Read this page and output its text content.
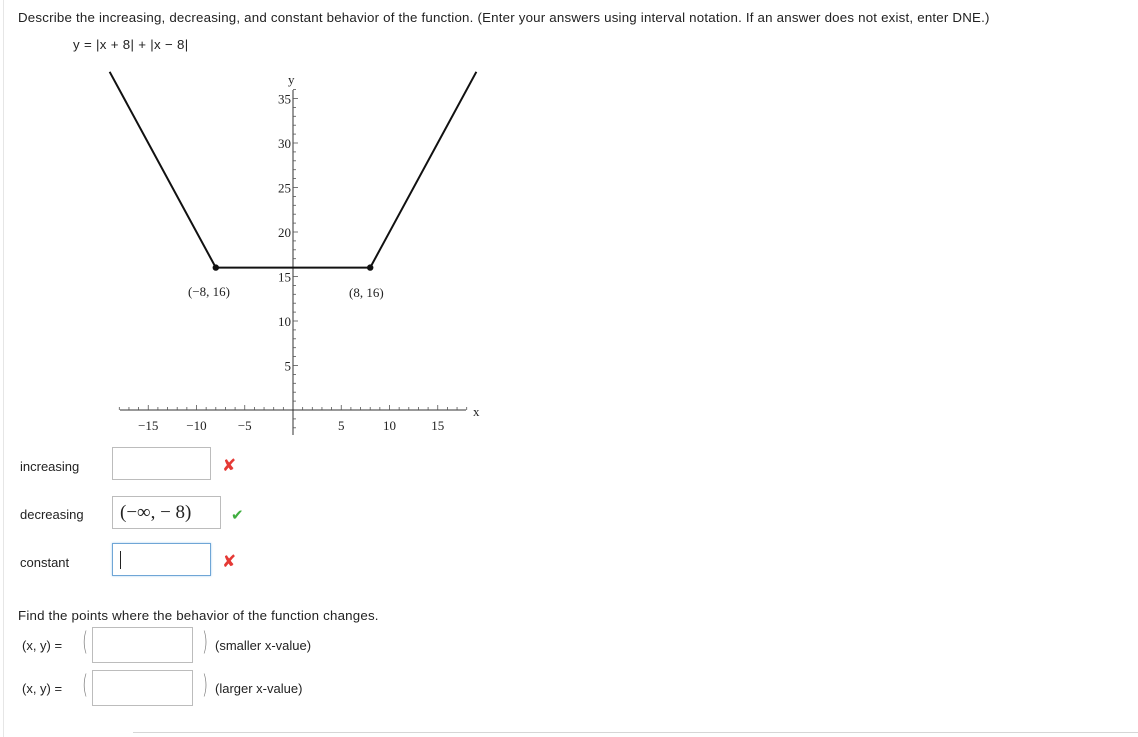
Describe the increasing, decreasing, and constant behavior of the function. (Enter your answers using interval notation. If an answer does not exist, enter DNE.)
y = |x + 8| + |x − 8|
y
x
(−8, 16)	(8, 16)
5
10
15
20
25
30
35
−15 −10 −5	5	10	15
increasing	✘
decreasing	(−∞, − 8)	✔
constant	✘
Find the points where the behavior of the function changes.
(x, y) = (	) (smaller x-value)
(x, y) = (	) (larger x-value)
